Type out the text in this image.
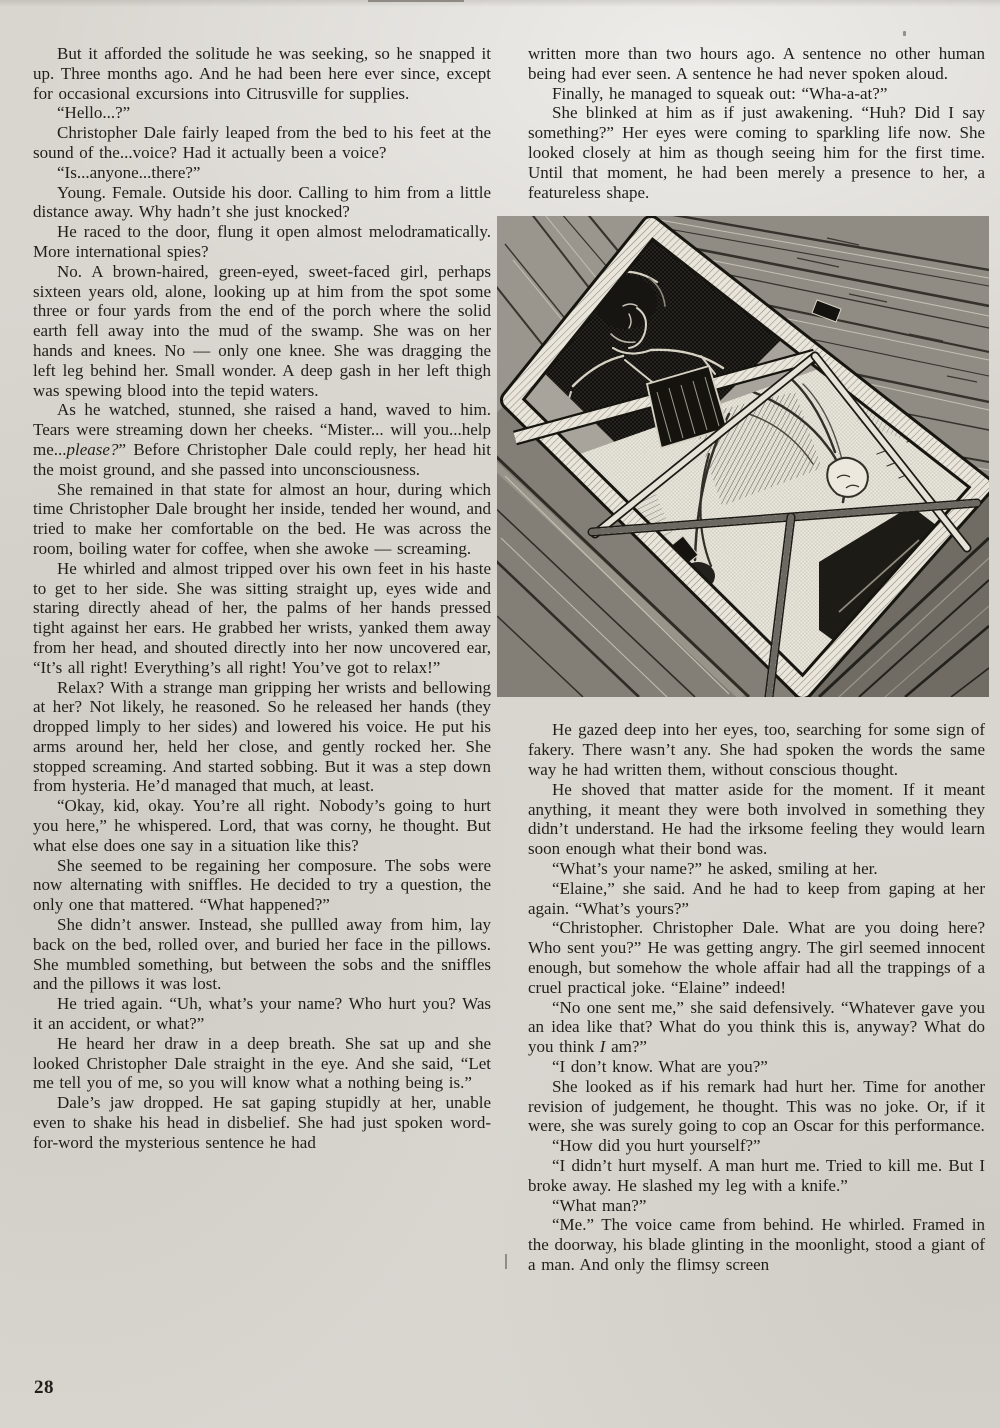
But it afforded the solitude he was seeking, so he snapped it up. Three months ago. And he had been here ever since, except for occasional excursions into Citrusville for supplies.

“Hello...?”

Christopher Dale fairly leaped from the bed to his feet at the sound of the...voice? Had it actually been a voice?

“Is...anyone...there?”

Young. Female. Outside his door. Calling to him from a little distance away. Why hadn’t she just knocked?

He raced to the door, flung it open almost melodramatically. More international spies?

No. A brown-haired, green-eyed, sweet-faced girl, perhaps sixteen years old, alone, looking up at him from the spot some three or four yards from the end of the porch where the solid earth fell away into the mud of the swamp. She was on her hands and knees. No — only one knee. She was dragging the left leg behind her. Small wonder. A deep gash in her left thigh was spewing blood into the tepid waters.

As he watched, stunned, she raised a hand, waved to him. Tears were streaming down her cheeks. “Mister... will you...help me...please?” Before Christopher Dale could reply, her head hit the moist ground, and she passed into unconsciousness.

She remained in that state for almost an hour, during which time Christopher Dale brought her inside, tended her wound, and tried to make her comfortable on the bed. He was across the room, boiling water for coffee, when she awoke — screaming.

He whirled and almost tripped over his own feet in his haste to get to her side. She was sitting straight up, eyes wide and staring directly ahead of her, the palms of her hands pressed tight against her ears. He grabbed her wrists, yanked them away from her head, and shouted directly into her now uncovered ear, “It’s all right! Everything’s all right! You’ve got to relax!”

Relax? With a strange man gripping her wrists and bellowing at her? Not likely, he reasoned. So he released her hands (they dropped limply to her sides) and lowered his voice. He put his arms around her, held her close, and gently rocked her. She stopped screaming. And started sobbing. But it was a step down from hysteria. He’d managed that much, at least.

“Okay, kid, okay. You’re all right. Nobody’s going to hurt you here,” he whispered. Lord, that was corny, he thought. But what else does one say in a situation like this?

She seemed to be regaining her composure. The sobs were now alternating with sniffles. He decided to try a question, the only one that mattered. “What happened?”

She didn’t answer. Instead, she pullled away from him, lay back on the bed, rolled over, and buried her face in the pillows. She mumbled something, but between the sobs and the sniffles and the pillows it was lost.

He tried again. “Uh, what’s your name? Who hurt you? Was it an accident, or what?”

He heard her draw in a deep breath. She sat up and she looked Christopher Dale straight in the eye. And she said, “Let me tell you of me, so you will know what a nothing being is.”

Dale’s jaw dropped. He sat gaping stupidly at her, unable even to shake his head in disbelief. She had just spoken word-for-word the mysterious sentence he had

written more than two hours ago. A sentence no other human being had ever seen. A sentence he had never spoken aloud.

Finally, he managed to squeak out: “Wha-a-at?”

She blinked at him as if just awakening. “Huh? Did I say something?” Her eyes were coming to sparkling life now. She looked closely at him as though seeing him for the first time. Until that moment, he had been merely a presence to her, a featureless shape.

He gazed deep into her eyes, too, searching for some sign of fakery. There wasn’t any. She had spoken the words the same way he had written them, without conscious thought.

He shoved that matter aside for the moment. If it meant anything, it meant they were both involved in something they didn’t understand. He had the irksome feeling they would learn soon enough what their bond was.

“What’s your name?” he asked, smiling at her.

“Elaine,” she said. And he had to keep from gaping at her again. “What’s yours?”

“Christopher. Christopher Dale. What are you doing here? Who sent you?” He was getting angry. The girl seemed innocent enough, but somehow the whole affair had all the trappings of a cruel practical joke. “Elaine” indeed!

“No one sent me,” she said defensively. “Whatever gave you an idea like that? What do you think this is, anyway? What do you think I am?”

“I don’t know. What are you?”

She looked as if his remark had hurt her. Time for another revision of judgement, he thought. This was no joke. Or, if it were, she was surely going to cop an Oscar for this performance.

“How did you hurt yourself?”

“I didn’t hurt myself. A man hurt me. Tried to kill me. But I broke away. He slashed my leg with a knife.”

“What man?”

“Me.” The voice came from behind. He whirled. Framed in the doorway, his blade glinting in the moonlight, stood a giant of a man. And only the flimsy screen

28
